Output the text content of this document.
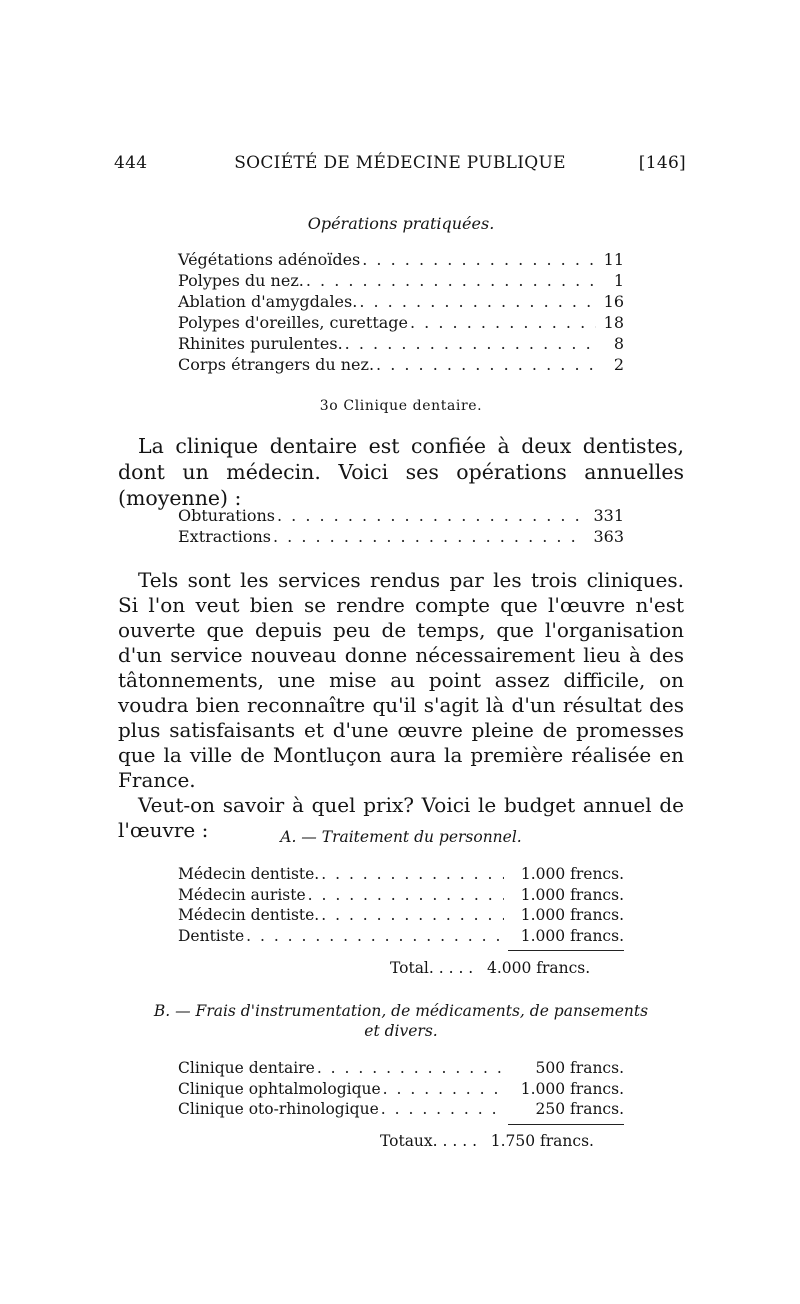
444	SOCIÉTÉ DE MÉDECINE PUBLIQUE	[146]
Opérations pratiquées.
Végétations adénoïdes . . .	11
Polypes du nez. . . .	1
Ablation d'amygdales. . . .	16
Polypes d'oreilles, curettage . . .	18
Rhinites purulentes. . . .	8
Corps étrangers du nez. . . .	2
3o Clinique dentaire.

La clinique dentaire est confiée à deux dentistes, dont un médecin. Voici ses opérations annuelles (moyenne) :

Obturations . . .	331
Extractions . . .	363

Tels sont les services rendus par les trois cliniques. Si l'on veut bien se rendre compte que l'œuvre n'est ouverte que depuis peu de temps, que l'organisation d'un service nouveau donne nécessairement lieu à des tâtonnements, une mise au point assez difficile, on voudra bien reconnaître qu'il s'agit là d'un résultat des plus satisfaisants et d'une œuvre pleine de promesses que la ville de Montluçon aura la première réalisée en France.

Veut-on savoir à quel prix? Voici le budget annuel de l'œuvre :	A. — Traitement du personnel.
Médecin dentiste. . . .	1.000 frencs.
Médecin auriste . . .	1.000 francs.
Médecin dentiste. . . .	1.000 francs.
Dentiste . . .	1.000 francs.
Total. . . . . 4.000 francs.
B. — Frais d'instrumentation, de médicaments, de pansements
et divers.
Clinique dentaire . . .	500 francs.
Clinique ophtalmologique . . .	1.000 francs.
Clinique oto-rhinologique . . .	250 francs.
Totaux. . . . . 1.750 francs.
